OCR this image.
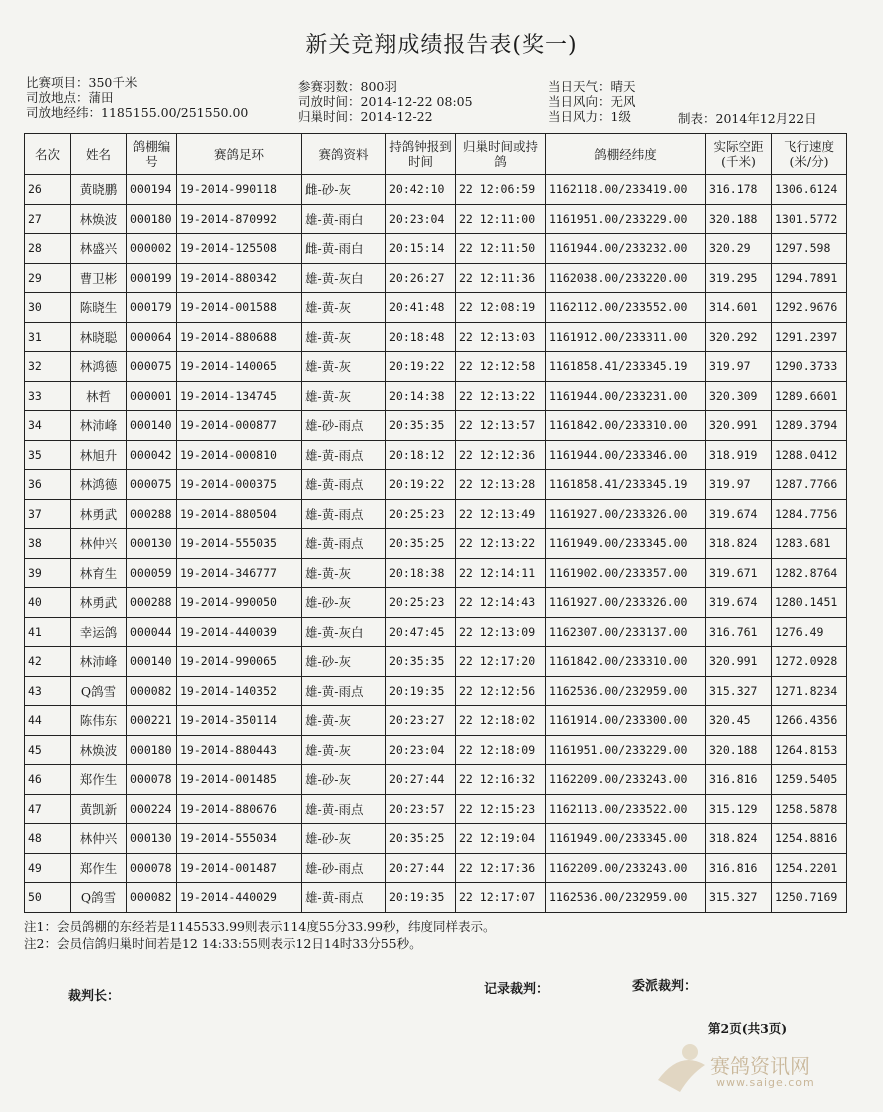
新关竞翔成绩报告表(奖一)
比赛项目：350千米
司放地点：蒲田
司放地经纬：1185155.00/251550.00
参赛羽数：800羽
司放时间：2014-12-22 08:05
归巢时间：2014-12-22
当日天气：晴天
当日风向：无风
当日风力：1级	制表：2014年12月22日
名次	姓名	鸽棚编号	赛鸽足环	赛鸽资料	持鸽钟报到时间	归巢时间或持鸽	鸽棚经纬度	实际空距(千米)	飞行速度(米/分)
26	黄晓鹏	000194	19-2014-990118	雌-砂-灰	20:42:10	22 12:06:59	1162118.00/233419.00	316.178	1306.6124
27	林焕波	000180	19-2014-870992	雄-黄-雨白	20:23:04	22 12:11:00	1161951.00/233229.00	320.188	1301.5772
28	林盛兴	000002	19-2014-125508	雌-黄-雨白	20:15:14	22 12:11:50	1161944.00/233232.00	320.29	1297.598
29	曹卫彬	000199	19-2014-880342	雄-黄-灰白	20:26:27	22 12:11:36	1162038.00/233220.00	319.295	1294.7891
30	陈晓生	000179	19-2014-001588	雄-黄-灰	20:41:48	22 12:08:19	1162112.00/233552.00	314.601	1292.9676
31	林晓聪	000064	19-2014-880688	雄-黄-灰	20:18:48	22 12:13:03	1161912.00/233311.00	320.292	1291.2397
32	林鸿德	000075	19-2014-140065	雄-黄-灰	20:19:22	22 12:12:58	1161858.41/233345.19	319.97	1290.3733
33	林哲	000001	19-2014-134745	雄-黄-灰	20:14:38	22 12:13:22	1161944.00/233231.00	320.309	1289.6601
34	林沛峰	000140	19-2014-000877	雄-砂-雨点	20:35:35	22 12:13:57	1161842.00/233310.00	320.991	1289.3794
35	林旭升	000042	19-2014-000810	雄-黄-雨点	20:18:12	22 12:12:36	1161944.00/233346.00	318.919	1288.0412
36	林鸿德	000075	19-2014-000375	雄-黄-雨点	20:19:22	22 12:13:28	1161858.41/233345.19	319.97	1287.7766
37	林勇武	000288	19-2014-880504	雄-黄-雨点	20:25:23	22 12:13:49	1161927.00/233326.00	319.674	1284.7756
38	林仲兴	000130	19-2014-555035	雄-黄-雨点	20:35:25	22 12:13:22	1161949.00/233345.00	318.824	1283.681
39	林育生	000059	19-2014-346777	雄-黄-灰	20:18:38	22 12:14:11	1161902.00/233357.00	319.671	1282.8764
40	林勇武	000288	19-2014-990050	雄-砂-灰	20:25:23	22 12:14:43	1161927.00/233326.00	319.674	1280.1451
41	幸运鸽	000044	19-2014-440039	雄-黄-灰白	20:47:45	22 12:13:09	1162307.00/233137.00	316.761	1276.49
42	林沛峰	000140	19-2014-990065	雄-砂-灰	20:35:35	22 12:17:20	1161842.00/233310.00	320.991	1272.0928
43	Q鸽雪	000082	19-2014-140352	雄-黄-雨点	20:19:35	22 12:12:56	1162536.00/232959.00	315.327	1271.8234
44	陈伟东	000221	19-2014-350114	雄-黄-灰	20:23:27	22 12:18:02	1161914.00/233300.00	320.45	1266.4356
45	林焕波	000180	19-2014-880443	雄-黄-灰	20:23:04	22 12:18:09	1161951.00/233229.00	320.188	1264.8153
46	郑作生	000078	19-2014-001485	雄-砂-灰	20:27:44	22 12:16:32	1162209.00/233243.00	316.816	1259.5405
47	黄凯新	000224	19-2014-880676	雄-黄-雨点	20:23:57	22 12:15:23	1162113.00/233522.00	315.129	1258.5878
48	林仲兴	000130	19-2014-555034	雄-砂-灰	20:35:25	22 12:19:04	1161949.00/233345.00	318.824	1254.8816
49	郑作生	000078	19-2014-001487	雄-砂-雨点	20:27:44	22 12:17:36	1162209.00/233243.00	316.816	1254.2201
50	Q鸽雪	000082	19-2014-440029	雄-黄-雨点	20:19:35	22 12:17:07	1162536.00/232959.00	315.327	1250.7169
注1：会员鸽棚的东经若是1145533.99则表示114度55分33.99秒，纬度同样表示。
注2：会员信鸽归巢时间若是12 14:33:55则表示12日14时33分55秒。
裁判长：	记录裁判：	委派裁判：
第2页(共3页)
赛鸽资讯网
www.saige.com
